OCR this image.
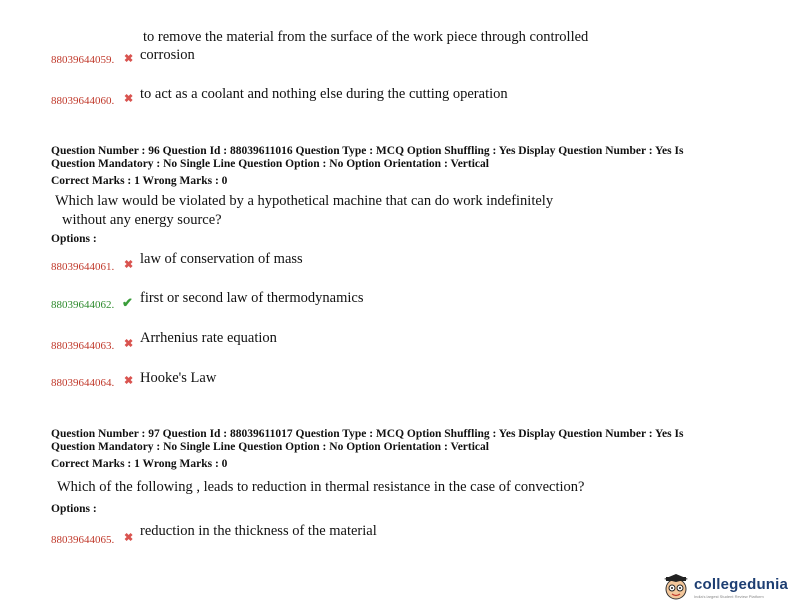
to remove the material from the surface of the work piece through controlled
88039644059. ✖ corrosion
88039644060. ✖ to act as a coolant and nothing else during the cutting operation
Question Number : 96 Question Id : 88039611016 Question Type : MCQ Option Shuffling : Yes Display Question Number : Yes Is
Question Mandatory : No Single Line Question Option : No Option Orientation : Vertical
Correct Marks : 1 Wrong Marks : 0
Which law would be violated by a hypothetical machine that can do work indefinitely
without any energy source?
Options :
88039644061. ✖ law of conservation of mass
88039644062. ✔ first or second law of thermodynamics
88039644063. ✖ Arrhenius rate equation
88039644064. ✖ Hooke's Law
Question Number : 97 Question Id : 88039611017 Question Type : MCQ Option Shuffling : Yes Display Question Number : Yes Is
Question Mandatory : No Single Line Question Option : No Option Orientation : Vertical
Correct Marks : 1 Wrong Marks : 0
Which of the following , leads to reduction in thermal resistance in the case of convection?
Options :
88039644065. ✖ reduction in the thickness of the material
collegedunia
India's largest Student Review Platform
